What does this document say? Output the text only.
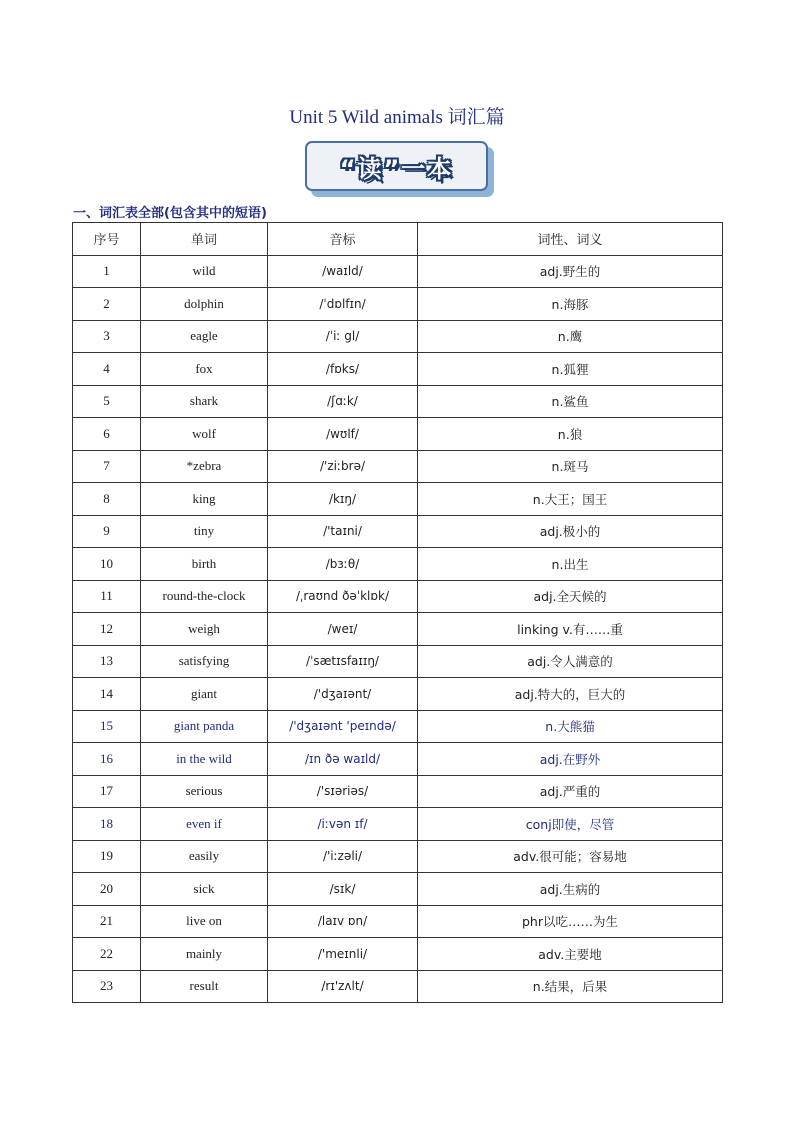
Unit 5 Wild animals 词汇篇
“读”一本
一、词汇表全部(包含其中的短语)
序号	单词	音标	词性、词义
1	wild	/waɪld/	adj.野生的
2	dolphin	/ˈdɒlfɪn/	n.海豚
3	eagle	/ˈiː gl/	n.鹰
4	fox	/fɒks/	n.狐狸
5	shark	/ʃɑːk/	n.鲨鱼
6	wolf	/wʊlf/	n.狼
7	*zebra	/'ziːbrə/	n.斑马
8	king	/kɪŋ/	n.大王；国王
9	tiny	/'taɪni/	adj.极小的
10	birth	/bɜːθ/	n.出生
11	round-the-clock	/ˌraʊnd ðəˈklɒk/	adj.全天候的
12	weigh	/weɪ/	linking v.有……重
13	satisfying	/ˈsætɪsfaɪɪŋ/	adj.令人满意的
14	giant	/'dʒaɪənt/	adj.特大的，巨大的
15	giant panda	/'dʒaɪənt 'peɪndə/	n.大熊猫
16	in the wild	/ɪn ðə waɪld/	adj.在野外
17	serious	/'sɪəriəs/	adj.严重的
18	even if	/iːvən ɪf/	conj即使，尽管
19	easily	/'iːzəli/	adv.很可能；容易地
20	sick	/sɪk/	adj.生病的
21	live on	/laɪv ɒn/	phr以吃……为生
22	mainly	/'meɪnli/	adv.主要地
23	result	/rɪ'zʌlt/	n.结果，后果
